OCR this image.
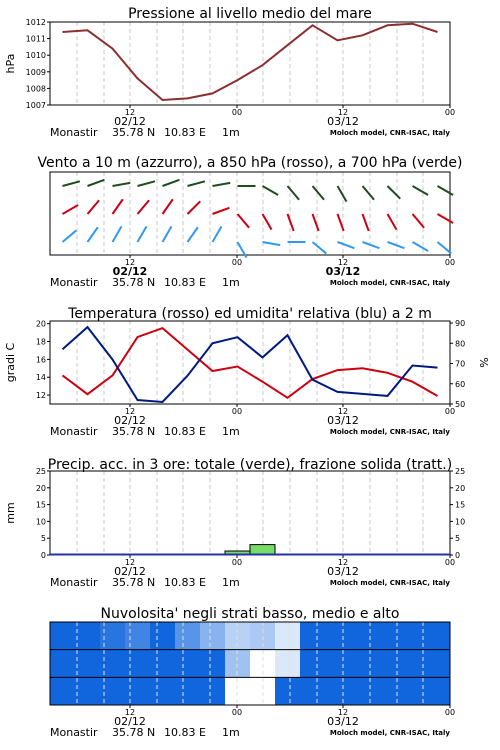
Pressione al livello medio del mare
1007
1008
1009
1010
1011
1012
hPa
12	00	12	00
02/12	03/12
Monastir 35.78 N 10.83 E 1m	Moloch model, CNR-ISAC, Italy
Vento a 10 m (azzurro), a 850 hPa (rosso), a 700 hPa (verde)
12	00	12	00
02/12	03/12
Monastir 35.78 N 10.83 E 1m	Moloch model, CNR-ISAC, Italy
Temperatura (rosso) ed umidita' relativa (blu) a 2 m
12
14
16
18
20
50
60
70
80
90
gradi C	%
12	00	12	00
02/12	03/12
Monastir 35.78 N 10.83 E 1m	Moloch model, CNR-ISAC, Italy
Precip. acc. in 3 ore: totale (verde), frazione solida (tratt.)
0
5
10
15
20
25
0
5
10
15
20
25
mm
12	00	12	00
02/12	03/12
Monastir 35.78 N 10.83 E 1m	Moloch model, CNR-ISAC, Italy
Nuvolosita' negli strati basso, medio e alto
12	00	12	00
02/12	03/12
Monastir 35.78 N 10.83 E 1m	Moloch model, CNR-ISAC, Italy
